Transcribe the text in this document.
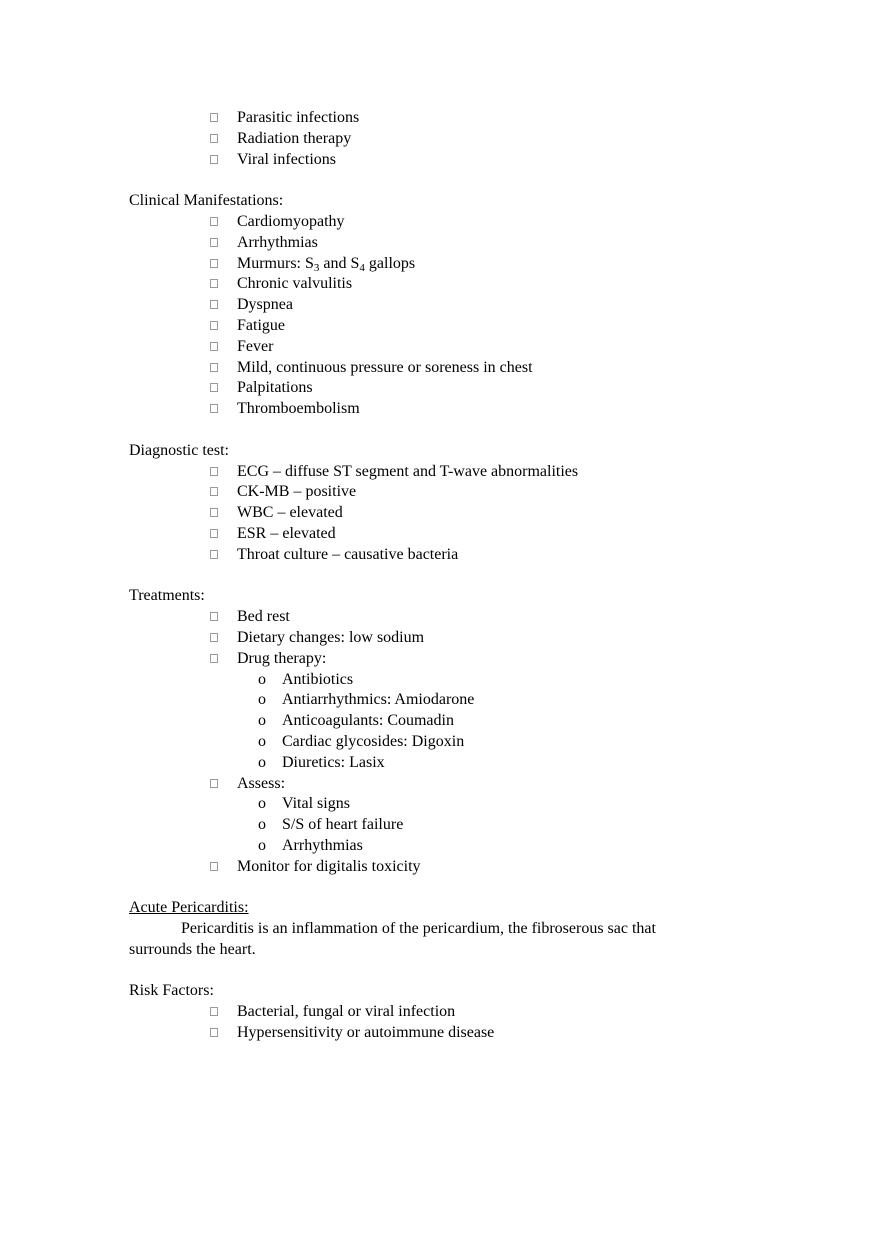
Parasitic infections
Radiation therapy
Viral infections
Clinical Manifestations:
Cardiomyopathy
Arrhythmias
Murmurs: $S_3$ and $S_4$ gallops
Chronic valvulitis
Dyspnea
Fatigue
Fever
Mild, continuous pressure or soreness in chest
Palpitations
Thromboembolism
Diagnostic test:
ECG – diffuse ST segment and T-wave abnormalities
CK-MB – positive
WBC – elevated
ESR – elevated
Throat culture – causative bacteria
Treatments:
Bed rest
Dietary changes: low sodium
Drug therapy:
o Antibiotics
o Antiarrhythmics: Amiodarone
o Anticoagulants: Coumadin
o Cardiac glycosides: Digoxin
o Diuretics: Lasix
Assess:
o Vital signs
o S/S of heart failure
o Arrhythmias
Monitor for digitalis toxicity
Acute Pericarditis:
Pericarditis is an inflammation of the pericardium, the fibroserous sac that
surrounds the heart.
Risk Factors:
Bacterial, fungal or viral infection
Hypersensitivity or autoimmune disease
